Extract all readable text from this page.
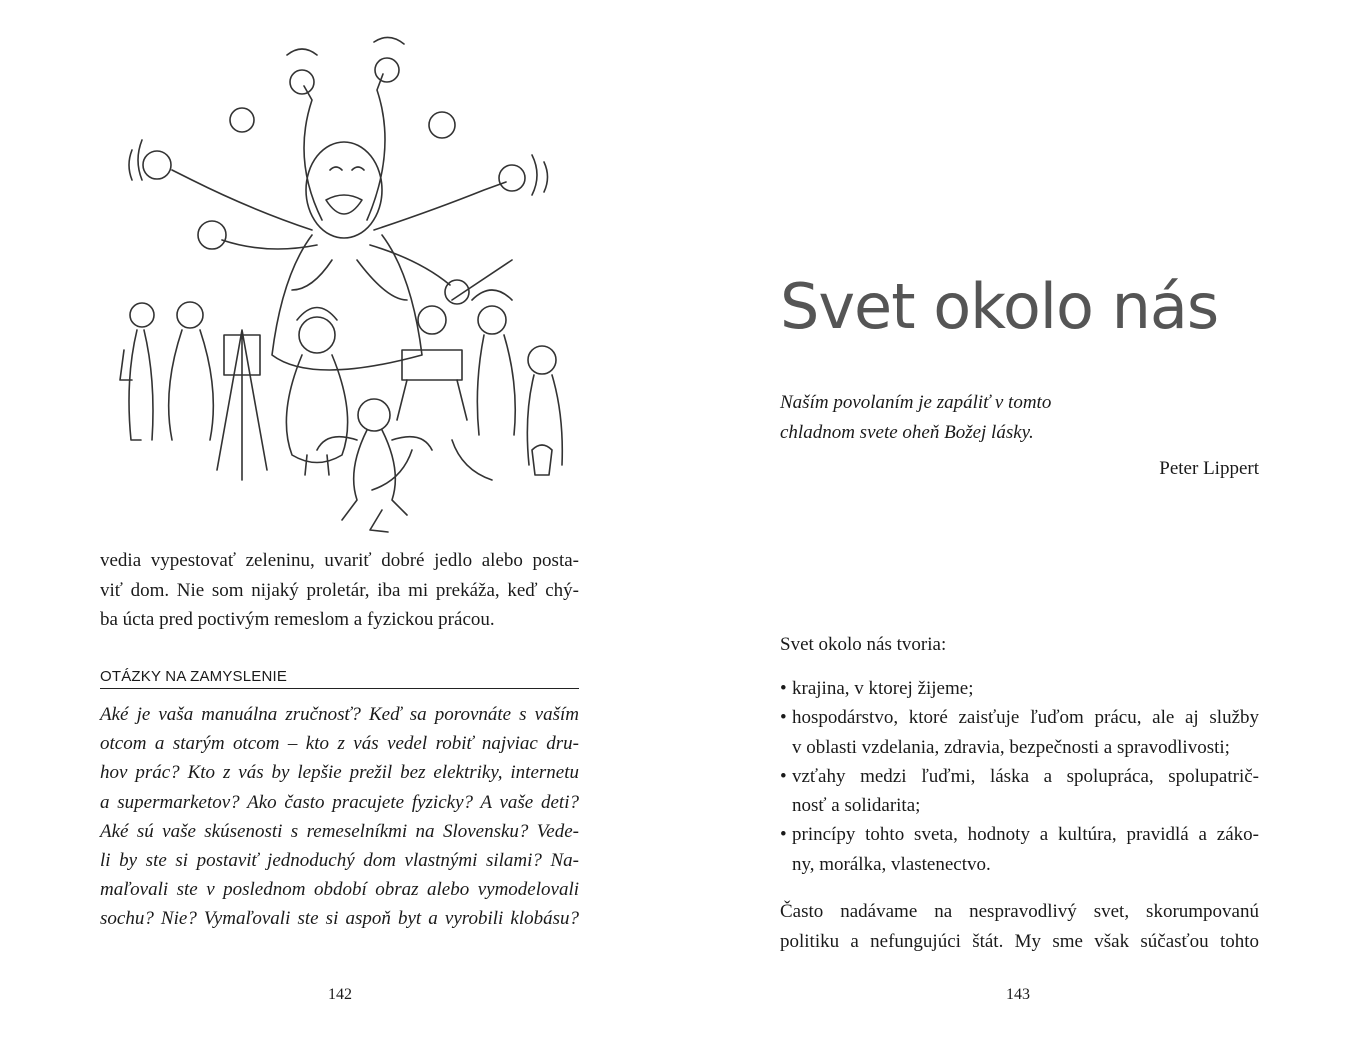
vedia vypestovať zeleninu, uvariť dobré jedlo alebo posta-
viť dom. Nie som nijaký proletár, iba mi prekáža, keď chý-
ba úcta pred poctivým remeslom a fyzickou prácou.
OTÁZKY NA ZAMYSLENIE
Aké je vaša manuálna zručnosť? Keď sa porovnáte s vaším
otcom a starým otcom – kto z vás vedel robiť najviac dru-
hov prác? Kto z vás by lepšie prežil bez elektriky, internetu
a supermarketov? Ako často pracujete fyzicky? A vaše deti?
Aké sú vaše skúsenosti s remeselníkmi na Slovensku? Vede-
li by ste si postaviť jednoduchý dom vlastnými silami? Na-
maľovali ste v poslednom období obraz alebo vymodelovali
sochu? Nie? Vymaľovali ste si aspoň byt a vyrobili klobásu?
142
Svet okolo nás
Naším povolaním je zapáliť v tomto
chladnom svete oheň Božej lásky.
Peter Lippert
Svet okolo nás tvoria:
• krajina, v ktorej žijeme;
• hospodárstvo, ktoré zaisťuje ľuďom prácu, ale aj služby
v oblasti vzdelania, zdravia, bezpečnosti a spravodlivosti;
• vzťahy medzi ľuďmi, láska a spolupráca, spolupatrič-
nosť a solidarita;
• princípy tohto sveta, hodnoty a kultúra, pravidlá a záko-
ny, morálka, vlastenectvo.
Často nadávame na nespravodlivý svet, skorumpovanú
politiku a nefungujúci štát. My sme však súčasťou tohto
143
